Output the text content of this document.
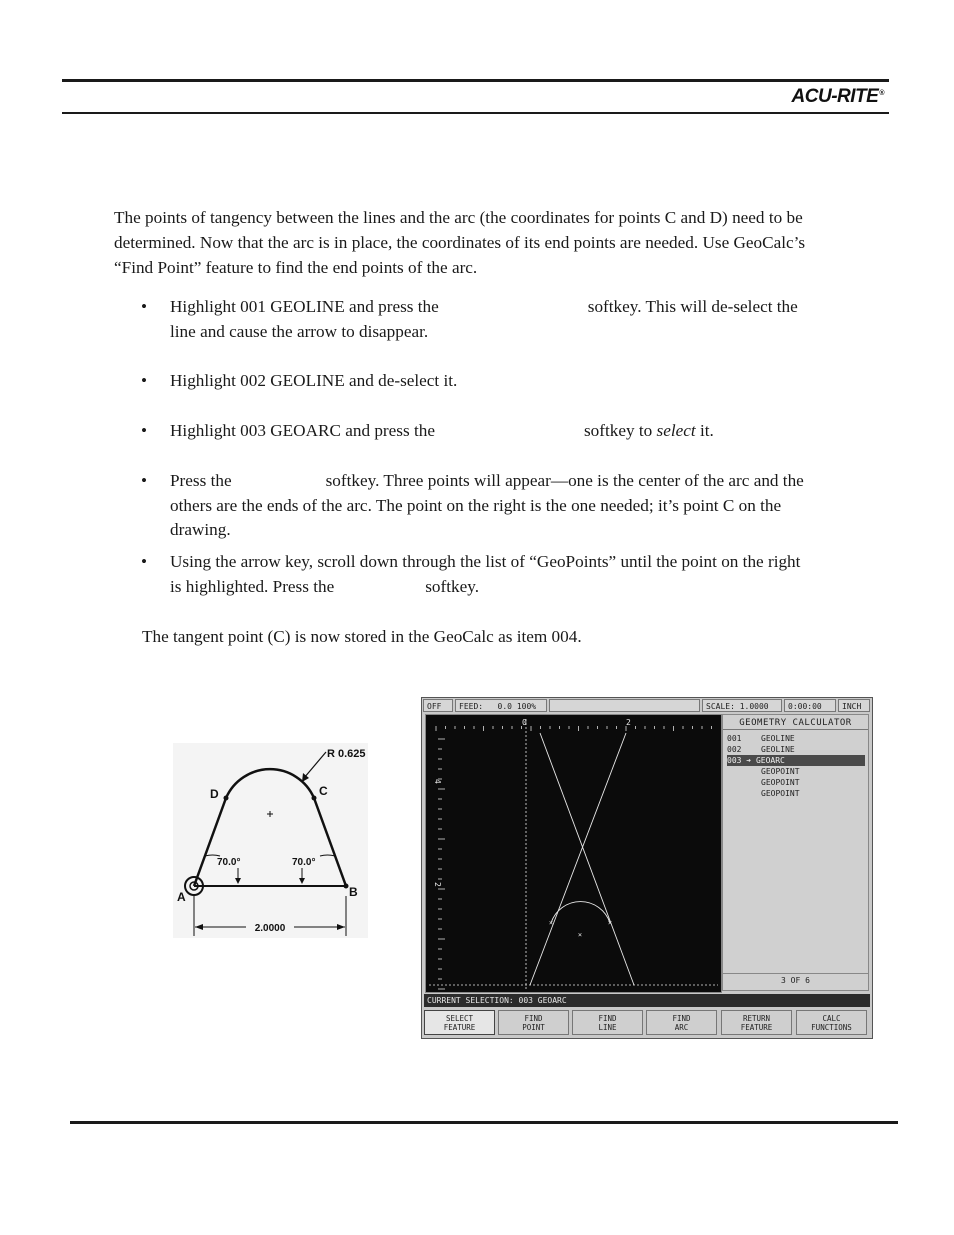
ACU-RITE®
The points of tangency between the lines and the arc (the coordinates for points C and D) need to be
determined. Now that the arc is in place, the coordinates of its end points are needed. Use GeoCalc’s
“Find Point” feature to find the end points of the arc.
• Highlight 001 GEOLINE and press the	softkey. This will de-select the
line and cause the arrow to disappear.
• Highlight 002 GEOLINE and de-select it.
• Highlight 003 GEOARC and press the	softkey to select it.
• Press the	softkey. Three points will appear—one is the center of the arc and the
others are the ends of the arc. The point on the right is the one needed; it’s point C on the
drawing.
• Using the arrow key, scroll down through the list of “GeoPoints” until the point on the right
is highlighted. Press the	softkey.
The tangent point (C) is now stored in the GeoCalc as item 004.
R 0.625
D	C
A	B
70.0°	70.0°
2.0000
OFF	FEED: 0.0 100%	SCALE: 1.0000	0:00:00	INCH
×	×
×
0	2
4
2
GEOMETRY CALCULATOR
001 GEOLINE
002 GEOLINE
003 ➔ GEOARC
GEOPOINT
GEOPOINT
GEOPOINT
3 OF 6
CURRENT SELECTION: 003 GEOARC
SELECT
FEATURE
FIND
POINT
FIND
LINE
FIND
ARC
RETURN
FEATURE
CALC
FUNCTIONS
